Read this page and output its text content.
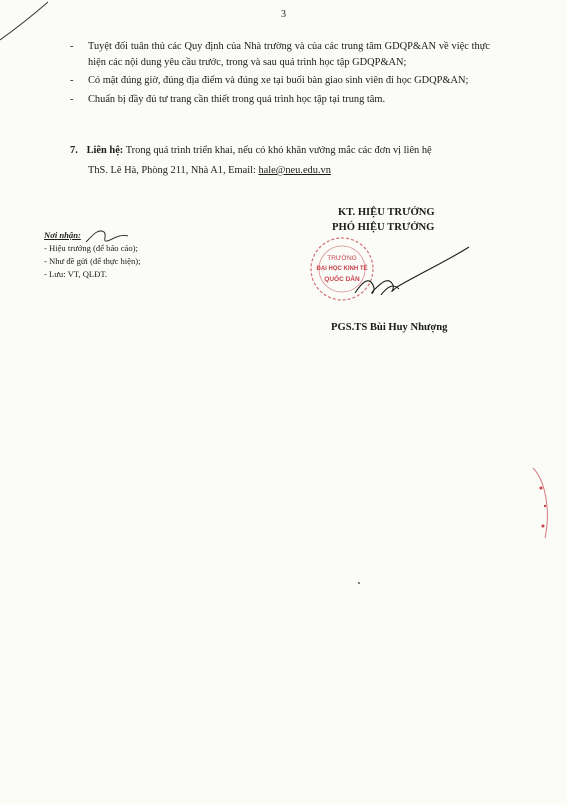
3
- Tuyệt đối tuân thủ các Quy định của Nhà trường và của các trung tâm GDQP&AN về việc thực hiện các nội dung yêu cầu trước, trong và sau quá trình học tập GDQP&AN;
- Có mặt đúng giờ, đúng địa điểm và đúng xe tại buổi bàn giao sinh viên đi học GDQP&AN;
- Chuẩn bị đầy đủ tư trang cần thiết trong quá trình học tập tại trung tâm.
7. Liên hệ: Trong quá trình triển khai, nếu có khó khăn vướng mắc các đơn vị liên hệ
ThS. Lê Hà, Phòng 211, Nhà A1, Email: hale@neu.edu.vn
Nơi nhận:
- Hiệu trưởng (để báo cáo);
- Như đề gửi (để thực hiện);
- Lưu: VT, QLĐT.
KT. HIỆU TRƯỞNG
PHÓ HIỆU TRƯỞNG
TRƯỜNG
ĐẠI HỌC KINH TẾ
QUỐC DÂN
PGS.TS Bùi Huy Nhượng
